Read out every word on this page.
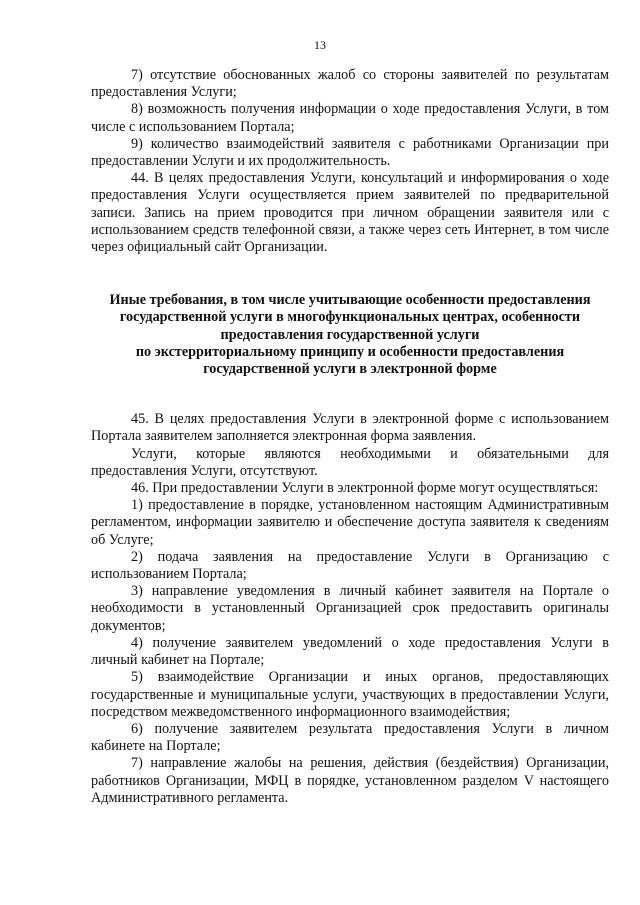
13

7) отсутствие обоснованных жалоб со стороны заявителей по результатам предоставления Услуги;

8) возможность получения информации о ходе предоставления Услуги, в том числе с использованием Портала;

9) количество взаимодействий заявителя с работниками Организации при предоставлении Услуги и их продолжительность.

44. В целях предоставления Услуги, консультаций и информирования о ходе предоставления Услуги осуществляется прием заявителей по предварительной записи. Запись на прием проводится при личном обращении заявителя или с использованием средств телефонной связи, а также через сеть Интернет, в том числе через официальный сайт Организации.

Иные требования, в том числе учитывающие особенности предоставления
государственной услуги в многофункциональных центрах, особенности
предоставления государственной услуги
по экстерриториальному принципу и особенности предоставления
государственной услуги в электронной форме

45. В целях предоставления Услуги в электронной форме с использованием Портала заявителем заполняется электронная форма заявления.

Услуги, которые являются необходимыми и обязательными для предоставления Услуги, отсутствуют.

46. При предоставлении Услуги в электронной форме могут осуществляться:

1) предоставление в порядке, установленном настоящим Административным регламентом, информации заявителю и обеспечение доступа заявителя к сведениям об Услуге;

2) подача заявления на предоставление Услуги в Организацию с использованием Портала;

3) направление уведомления в личный кабинет заявителя на Портале о необходимости в установленный Организацией срок предоставить оригиналы документов;

4) получение заявителем уведомлений о ходе предоставления Услуги в личный кабинет на Портале;

5) взаимодействие Организации и иных органов, предоставляющих государственные и муниципальные услуги, участвующих в предоставлении Услуги, посредством межведомственного информационного взаимодействия;

6) получение заявителем результата предоставления Услуги в личном кабинете на Портале;

7) направление жалобы на решения, действия (бездействия) Организации, работников Организации, МФЦ в порядке, установленном разделом V настоящего Административного регламента.
